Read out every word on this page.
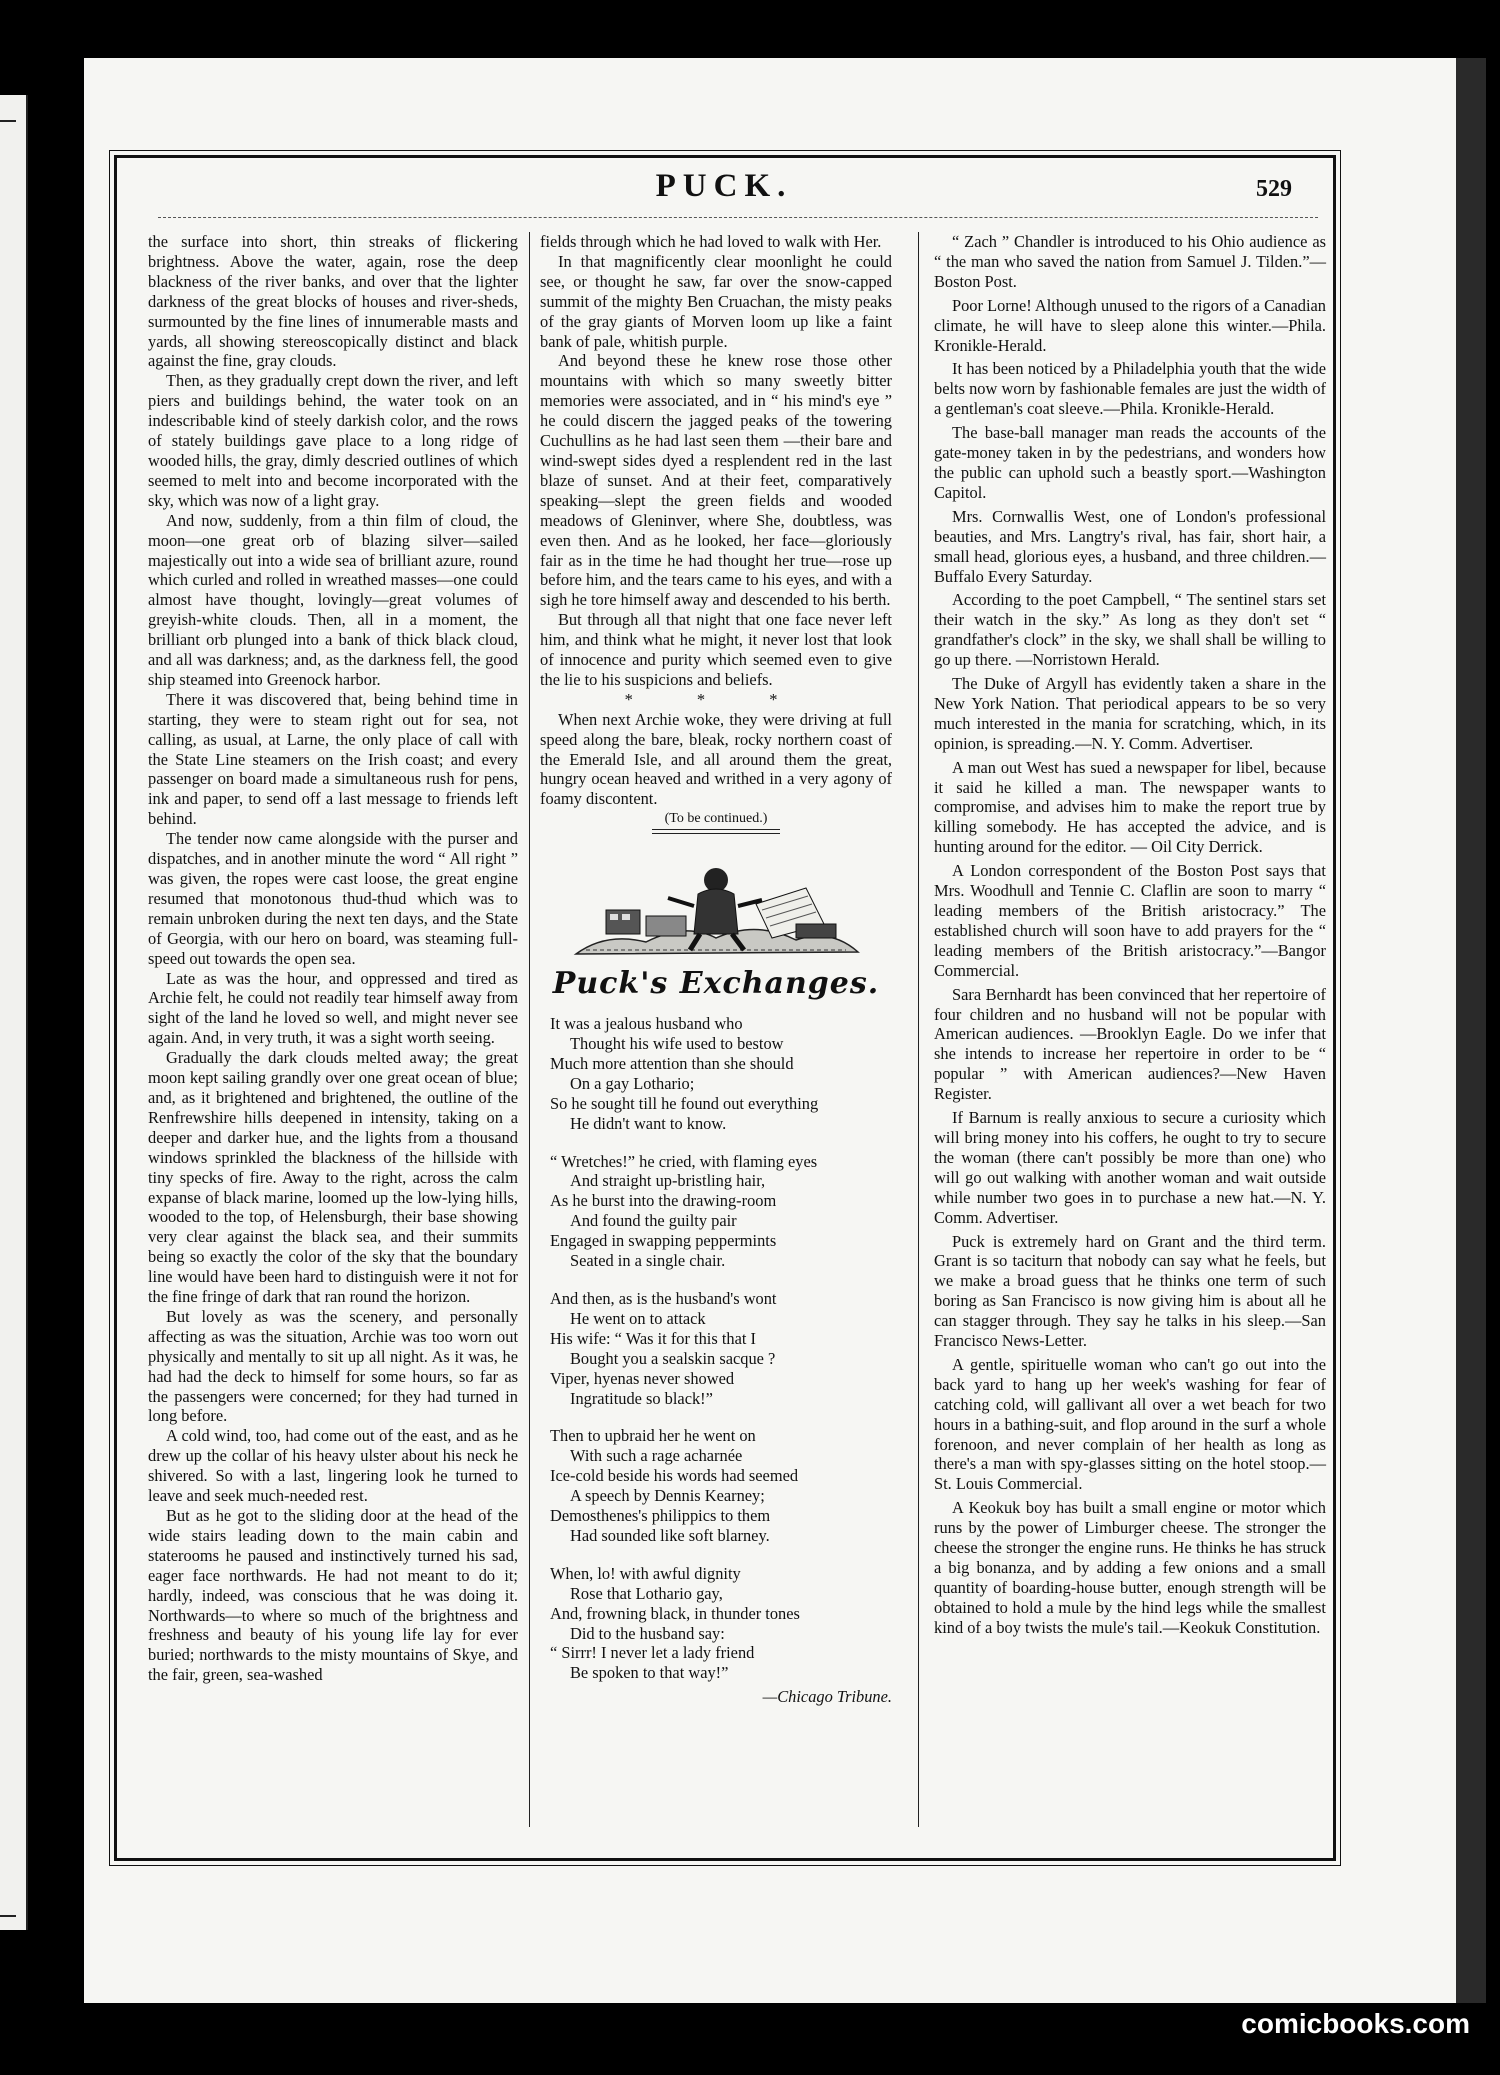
PUCK.	529

the surface into short, thin streaks of flickering brightness. Above the water, again, rose the deep blackness of the river banks, and over that the lighter darkness of the great blocks of houses and river-sheds, surmounted by the fine lines of innumerable masts and yards, all showing stereoscopically distinct and black against the fine, gray clouds.

Then, as they gradually crept down the river, and left piers and buildings behind, the water took on an indescribable kind of steely darkish color, and the rows of stately buildings gave place to a long ridge of wooded hills, the gray, dimly descried outlines of which seemed to melt into and become incorporated with the sky, which was now of a light gray.

And now, suddenly, from a thin film of cloud, the moon—one great orb of blazing silver—sailed majestically out into a wide sea of brilliant azure, round which curled and rolled in wreathed masses—one could almost have thought, lovingly—great volumes of greyish-white clouds. Then, all in a moment, the brilliant orb plunged into a bank of thick black cloud, and all was darkness; and, as the darkness fell, the good ship steamed into Greenock harbor.

There it was discovered that, being behind time in starting, they were to steam right out for sea, not calling, as usual, at Larne, the only place of call with the State Line steamers on the Irish coast; and every passenger on board made a simultaneous rush for pens, ink and paper, to send off a last message to friends left behind.

The tender now came alongside with the purser and dispatches, and in another minute the word “ All right ” was given, the ropes were cast loose, the great engine resumed that monotonous thud-thud which was to remain unbroken during the next ten days, and the State of Georgia, with our hero on board, was steaming full-speed out towards the open sea.

Late as was the hour, and oppressed and tired as Archie felt, he could not readily tear himself away from sight of the land he loved so well, and might never see again. And, in very truth, it was a sight worth seeing.

Gradually the dark clouds melted away; the great moon kept sailing grandly over one great ocean of blue; and, as it brightened and brightened, the outline of the Renfrewshire hills deepened in intensity, taking on a deeper and darker hue, and the lights from a thousand windows sprinkled the blackness of the hillside with tiny specks of fire. Away to the right, across the calm expanse of black marine, loomed up the low-lying hills, wooded to the top, of Helensburgh, their base showing very clear against the black sea, and their summits being so exactly the color of the sky that the boundary line would have been hard to distinguish were it not for the fine fringe of dark that ran round the horizon.

But lovely as was the scenery, and personally affecting as was the situation, Archie was too worn out physically and mentally to sit up all night. As it was, he had had the deck to himself for some hours, so far as the passengers were concerned; for they had turned in long before.

A cold wind, too, had come out of the east, and as he drew up the collar of his heavy ulster about his neck he shivered. So with a last, lingering look he turned to leave and seek much-needed rest.

But as he got to the sliding door at the head of the wide stairs leading down to the main cabin and staterooms he paused and instinctively turned his sad, eager face northwards. He had not meant to do it; hardly, indeed, was conscious that he was doing it. Northwards—to where so much of the brightness and freshness and beauty of his young life lay for ever buried; northwards to the misty mountains of Skye, and the fair, green, sea-washed

fields through which he had loved to walk with Her.

In that magnificently clear moonlight he could see, or thought he saw, far over the snow-capped summit of the mighty Ben Cruachan, the misty peaks of the gray giants of Morven loom up like a faint bank of pale, whitish purple.

And beyond these he knew rose those other mountains with which so many sweetly bitter memories were associated, and in “ his mind's eye ” he could discern the jagged peaks of the towering Cuchullins as he had last seen them —their bare and wind-swept sides dyed a resplendent red in the last blaze of sunset. And at their feet, comparatively speaking—slept the green fields and wooded meadows of Gleninver, where She, doubtless, was even then. And as he looked, her face—gloriously fair as in the time he had thought her true—rose up before him, and the tears came to his eyes, and with a sigh he tore himself away and descended to his berth.

But through all that night that one face never left him, and think what he might, it never lost that look of innocence and purity which seemed even to give the lie to his suspicions and beliefs.

* * *

When next Archie woke, they were driving at full speed along the bare, bleak, rocky northern coast of the Emerald Isle, and all around them the great, hungry ocean heaved and writhed in a very agony of foamy discontent.

(To be continued.)

Puck's Exchanges.
It was a jealous husband who
Thought his wife used to bestow
Much more attention than she should
On a gay Lothario;
So he sought till he found out everything
He didn't want to know.
“ Wretches!” he cried, with flaming eyes
And straight up-bristling hair,
As he burst into the drawing-room
And found the guilty pair
Engaged in swapping peppermints
Seated in a single chair.
And then, as is the husband's wont
He went on to attack
His wife: “ Was it for this that I
Bought you a sealskin sacque ?
Viper, hyenas never showed
Ingratitude so black!”
Then to upbraid her he went on
With such a rage acharnée
Ice-cold beside his words had seemed
A speech by Dennis Kearney;
Demosthenes's philippics to them
Had sounded like soft blarney.
When, lo! with awful dignity
Rose that Lothario gay,
And, frowning black, in thunder tones
Did to the husband say:
“ Sirrr! I never let a lady friend
Be spoken to that way!”
—Chicago Tribune.

“ Zach ” Chandler is introduced to his Ohio audience as “ the man who saved the nation from Samuel J. Tilden.”—Boston Post.

Poor Lorne! Although unused to the rigors of a Canadian climate, he will have to sleep alone this winter.—Phila. Kronikle-Herald.

It has been noticed by a Philadelphia youth that the wide belts now worn by fashionable females are just the width of a gentleman's coat sleeve.—Phila. Kronikle-Herald.

The base-ball manager man reads the accounts of the gate-money taken in by the pedestrians, and wonders how the public can uphold such a beastly sport.—Washington Capitol.

Mrs. Cornwallis West, one of London's professional beauties, and Mrs. Langtry's rival, has fair, short hair, a small head, glorious eyes, a husband, and three children.—Buffalo Every Saturday.

According to the poet Campbell, “ The sentinel stars set their watch in the sky.” As long as they don't set “ grandfather's clock” in the sky, we shall shall be willing to go up there. —Norristown Herald.

The Duke of Argyll has evidently taken a share in the New York Nation. That periodical appears to be so very much interested in the mania for scratching, which, in its opinion, is spreading.—N. Y. Comm. Advertiser.

A man out West has sued a newspaper for libel, because it said he killed a man. The newspaper wants to compromise, and advises him to make the report true by killing somebody. He has accepted the advice, and is hunting around for the editor. — Oil City Derrick.

A London correspondent of the Boston Post says that Mrs. Woodhull and Tennie C. Claflin are soon to marry “ leading members of the British aristocracy.” The established church will soon have to add prayers for the “ leading members of the British aristocracy.”—Bangor Commercial.

Sara Bernhardt has been convinced that her repertoire of four children and no husband will not be popular with American audiences. —Brooklyn Eagle. Do we infer that she intends to increase her repertoire in order to be “ popular ” with American audiences?—New Haven Register.

If Barnum is really anxious to secure a curiosity which will bring money into his coffers, he ought to try to secure the woman (there can't possibly be more than one) who will go out walking with another woman and wait outside while number two goes in to purchase a new hat.—N. Y. Comm. Advertiser.

Puck is extremely hard on Grant and the third term. Grant is so taciturn that nobody can say what he feels, but we make a broad guess that he thinks one term of such boring as San Francisco is now giving him is about all he can stagger through. They say he talks in his sleep.—San Francisco News-Letter.

A gentle, spirituelle woman who can't go out into the back yard to hang up her week's washing for fear of catching cold, will gallivant all over a wet beach for two hours in a bathing-suit, and flop around in the surf a whole forenoon, and never complain of her health as long as there's a man with spy-glasses sitting on the hotel stoop.—St. Louis Commercial.

A Keokuk boy has built a small engine or motor which runs by the power of Limburger cheese. The stronger the cheese the stronger the engine runs. He thinks he has struck a big bonanza, and by adding a few onions and a small quantity of boarding-house butter, enough strength will be obtained to hold a mule by the hind legs while the smallest kind of a boy twists the mule's tail.—Keokuk Constitution.

comicbooks.com
